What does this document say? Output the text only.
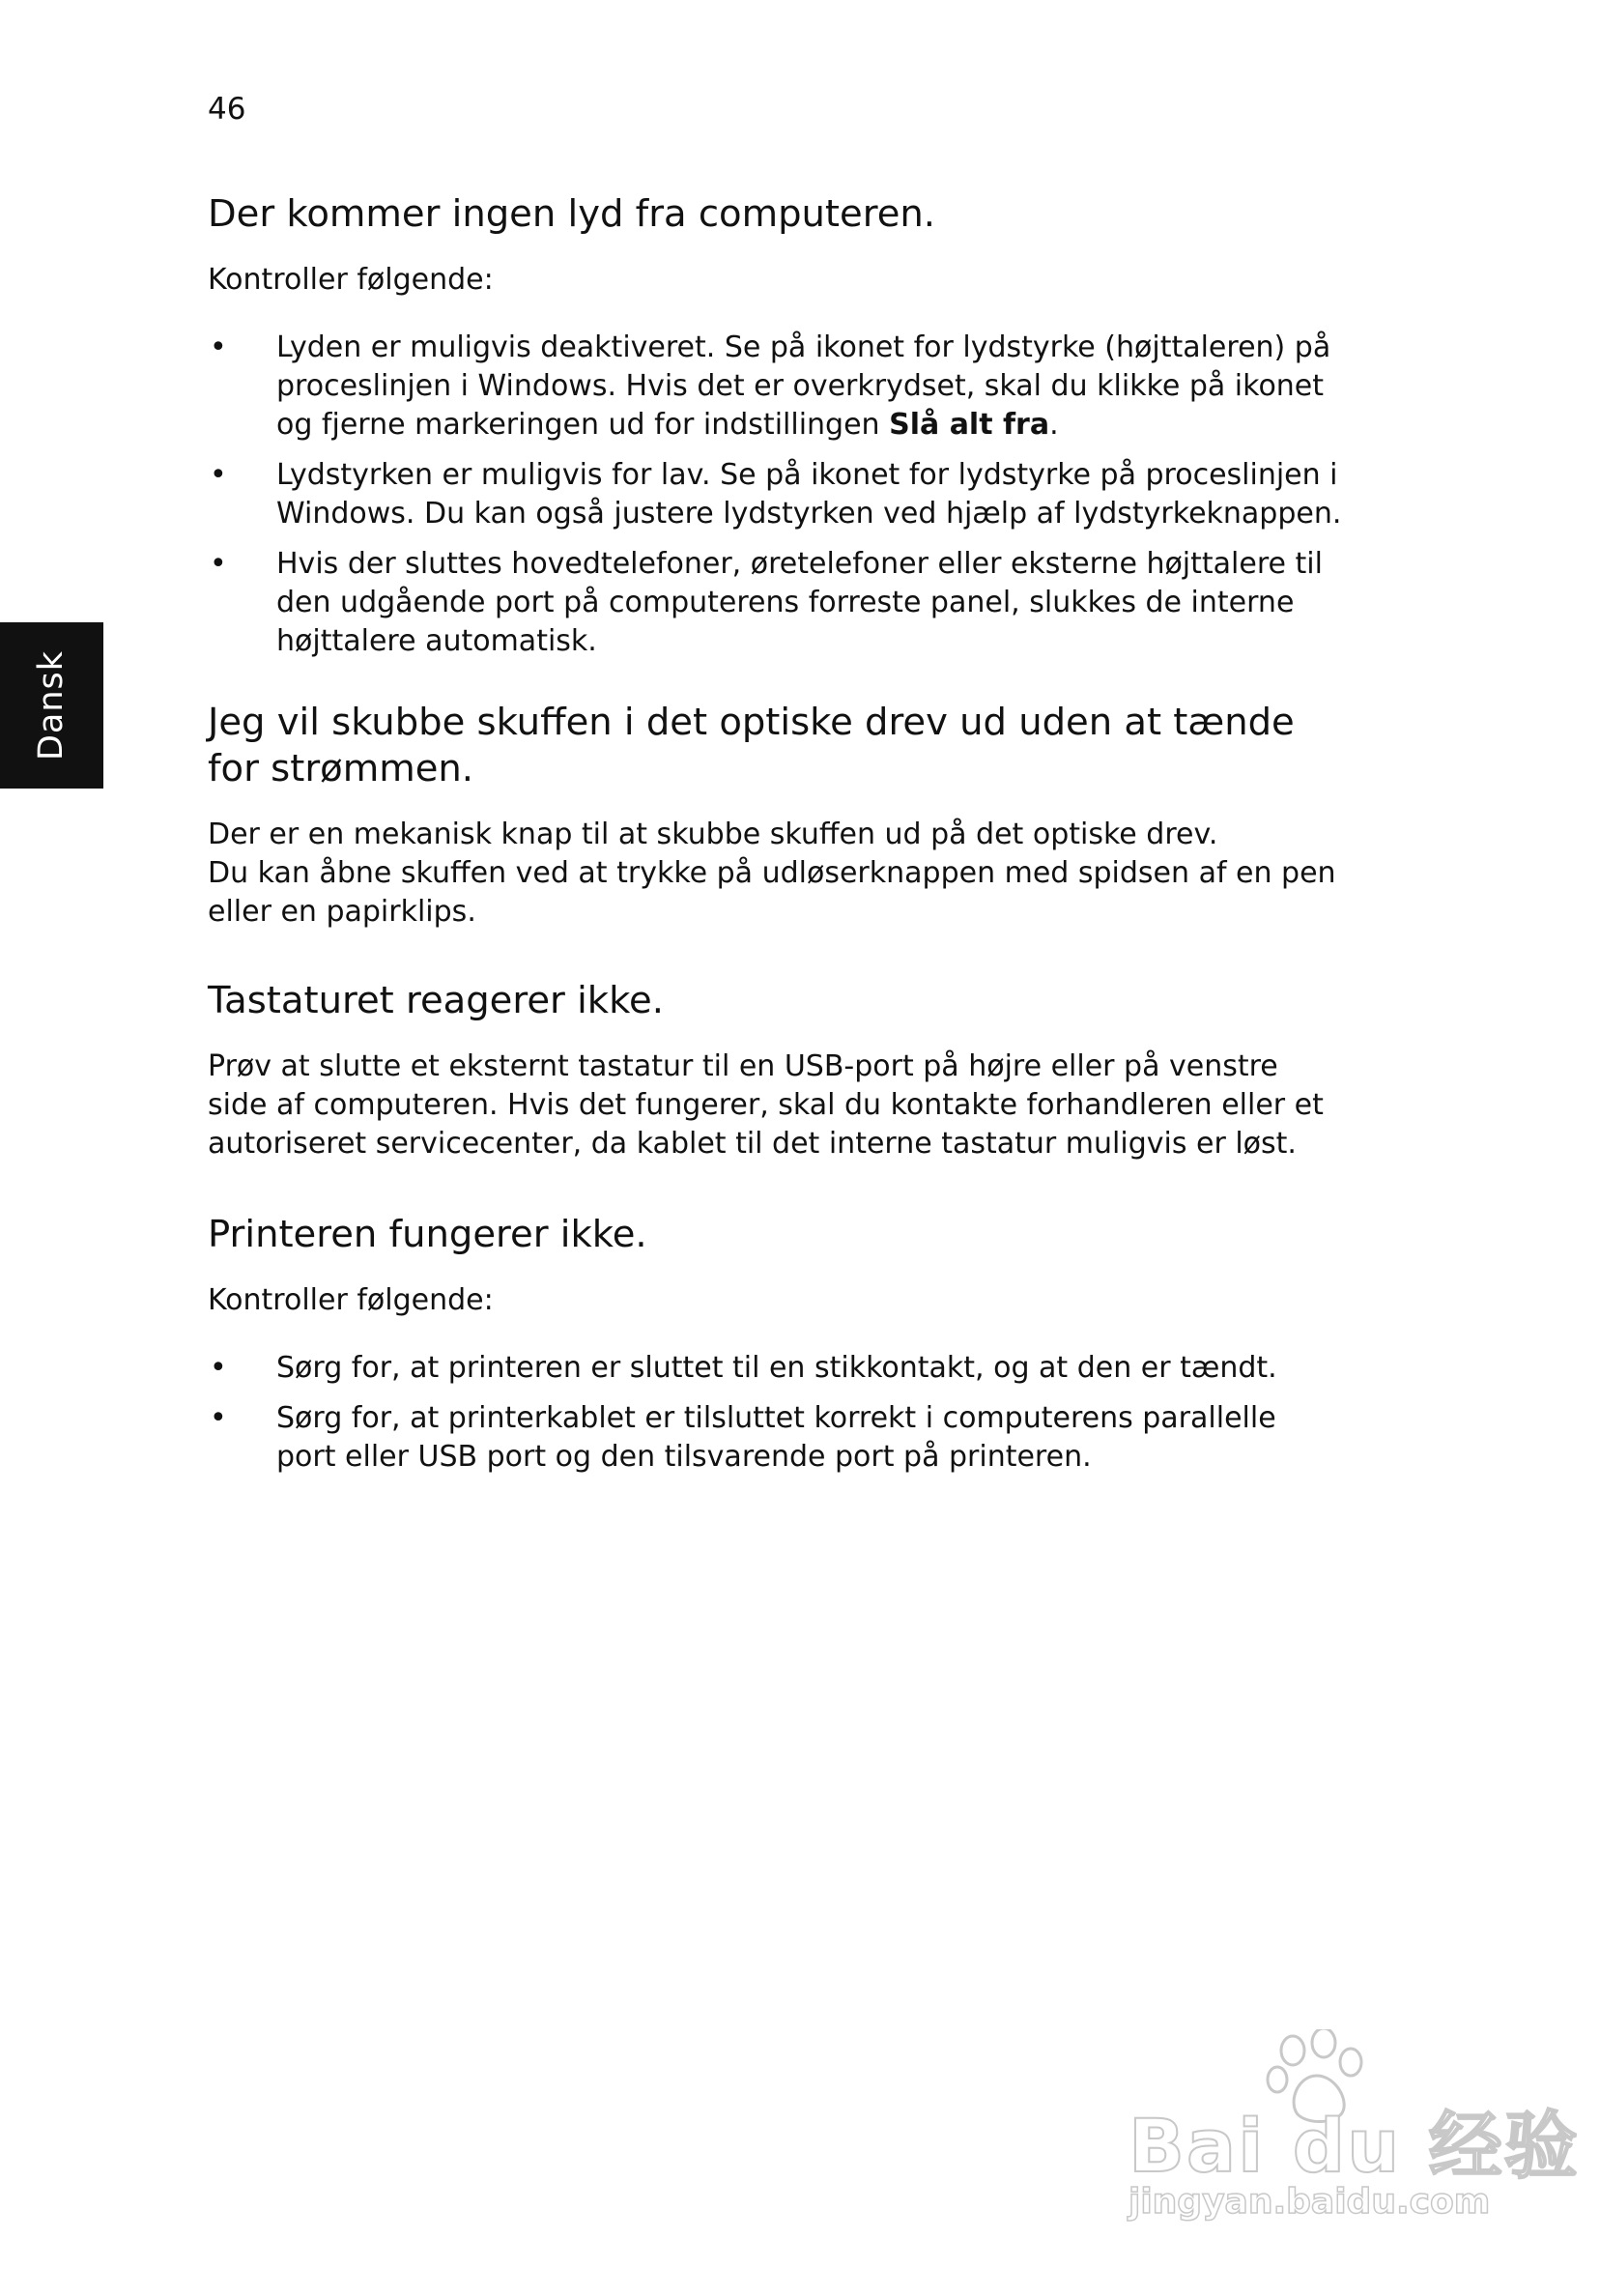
46
Dansk
Der kommer ingen lyd fra computeren.

Kontroller følgende:

• Lyden er muligvis deaktiveret. Se på ikonet for lydstyrke (højttaleren) på proceslinjen i Windows. Hvis det er overkrydset, skal du klikke på ikonet og fjerne markeringen ud for indstillingen Slå alt fra.
• Lydstyrken er muligvis for lav. Se på ikonet for lydstyrke på proceslinjen i Windows. Du kan også justere lydstyrken ved hjælp af lydstyrkeknappen.
• Hvis der sluttes hovedtelefoner, øretelefoner eller eksterne højttalere til den udgående port på computerens forreste panel, slukkes de interne højttalere automatisk.
Jeg vil skubbe skuffen i det optiske drev ud uden at tænde for strømmen.

Der er en mekanisk knap til at skubbe skuffen ud på det optiske drev.

Du kan åbne skuffen ved at trykke på udløserknappen med spidsen af en pen eller en papirklips.

Tastaturet reagerer ikke.

Prøv at slutte et eksternt tastatur til en USB-port på højre eller på venstre side af computeren. Hvis det fungerer, skal du kontakte forhandleren eller et autoriseret servicecenter, da kablet til det interne tastatur muligvis er løst.

Printeren fungerer ikke.

Kontroller følgende:

• Sørg for, at printeren er sluttet til en stikkontakt, og at den er tændt.
• Sørg for, at printerkablet er tilsluttet korrekt i computerens parallelle port eller USB port og den tilsvarende port på printeren.
Bai du 经验
jingyan.baidu.com
